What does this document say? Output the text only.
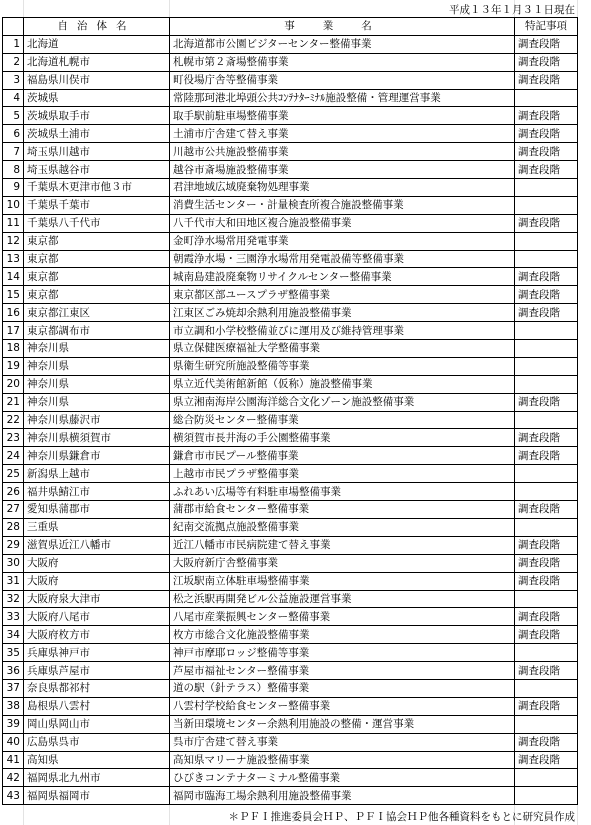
平成１３年１月３１日現在
	自治体名	事業名	特記事項
1	北海道	北海道都市公園ビジターセンター整備事業	調査段階
2	北海道札幌市	札幌市第２斎場整備事業	調査段階
3	福島県川俣市	町役場庁舎等整備事業	調査段階
4	茨城県	常陸那珂港北埠頭公共ｺﾝﾃﾅﾀｰﾐﾅﾙ施設整備・管理運営事業	
5	茨城県取手市	取手駅前駐車場整備事業	調査段階
6	茨城県土浦市	土浦市庁舎建て替え事業	調査段階
7	埼玉県川越市	川越市公共施設整備事業	調査段階
8	埼玉県越谷市	越谷市斎場施設整備事業	調査段階
9	千葉県木更津市他３市	君津地域広域廃棄物処理事業	
10	千葉県千葉市	消費生活センター・計量検査所複合施設整備事業	
11	千葉県八千代市	八千代市大和田地区複合施設整備事業	調査段階
12	東京都	金町浄水場常用発電事業	
13	東京都	朝霞浄水場・三園浄水場常用発電設備等整備事業	
14	東京都	城南島建設廃棄物リサイクルセンター整備事業	調査段階
15	東京都	東京都区部ユースプラザ整備事業	調査段階
16	東京都江東区	江東区ごみ焼却余熱利用施設整備事業	調査段階
17	東京都調布市	市立調和小学校整備並びに運用及び維持管理事業	
18	神奈川県	県立保健医療福祉大学整備事業	
19	神奈川県	県衛生研究所施設整備等事業	
20	神奈川県	県立近代美術館新館（仮称）施設整備事業	
21	神奈川県	県立湘南海岸公園海洋総合文化ゾーン施設整備事業	調査段階
22	神奈川県藤沢市	総合防災センター整備事業	
23	神奈川県横須賀市	横須賀市長井海の手公園整備事業	調査段階
24	神奈川県鎌倉市	鎌倉市市民プール整備事業	調査段階
25	新潟県上越市	上越市市民プラザ整備事業	
26	福井県鯖江市	ふれあい広場等有料駐車場整備事業	
27	愛知県蒲郡市	蒲郡市給食センター整備事業	調査段階
28	三重県	紀南交流拠点施設整備事業	
29	滋賀県近江八幡市	近江八幡市市民病院建て替え事業	調査段階
30	大阪府	大阪府新庁舎整備事業	調査段階
31	大阪府	江坂駅南立体駐車場整備事業	調査段階
32	大阪府泉大津市	松之浜駅再開発ビル公益施設運営事業	
33	大阪府八尾市	八尾市産業振興センター整備事業	調査段階
34	大阪府枚方市	枚方市総合文化施設整備事業	調査段階
35	兵庫県神戸市	神戸市摩耶ロッジ整備等事業	
36	兵庫県芦屋市	芦屋市福祉センター整備事業	調査段階
37	奈良県都祁村	道の駅（針テラス）整備事業	
38	島根県八雲村	八雲村学校給食センター整備事業	調査段階
39	岡山県岡山市	当新田環境センター余熱利用施設の整備・運営事業	
40	広島県呉市	呉市庁舎建て替え事業	調査段階
41	高知県	高知県マリーナ施設整備事業	調査段階
42	福岡県北九州市	ひびきコンテナターミナル整備事業	
43	福岡県福岡市	福岡市臨海工場余熱利用施設整備事業	
＊ＰＦＩ推進委員会ＨＰ、ＰＦＩ協会ＨＰ他各種資料をもとに研究員作成
